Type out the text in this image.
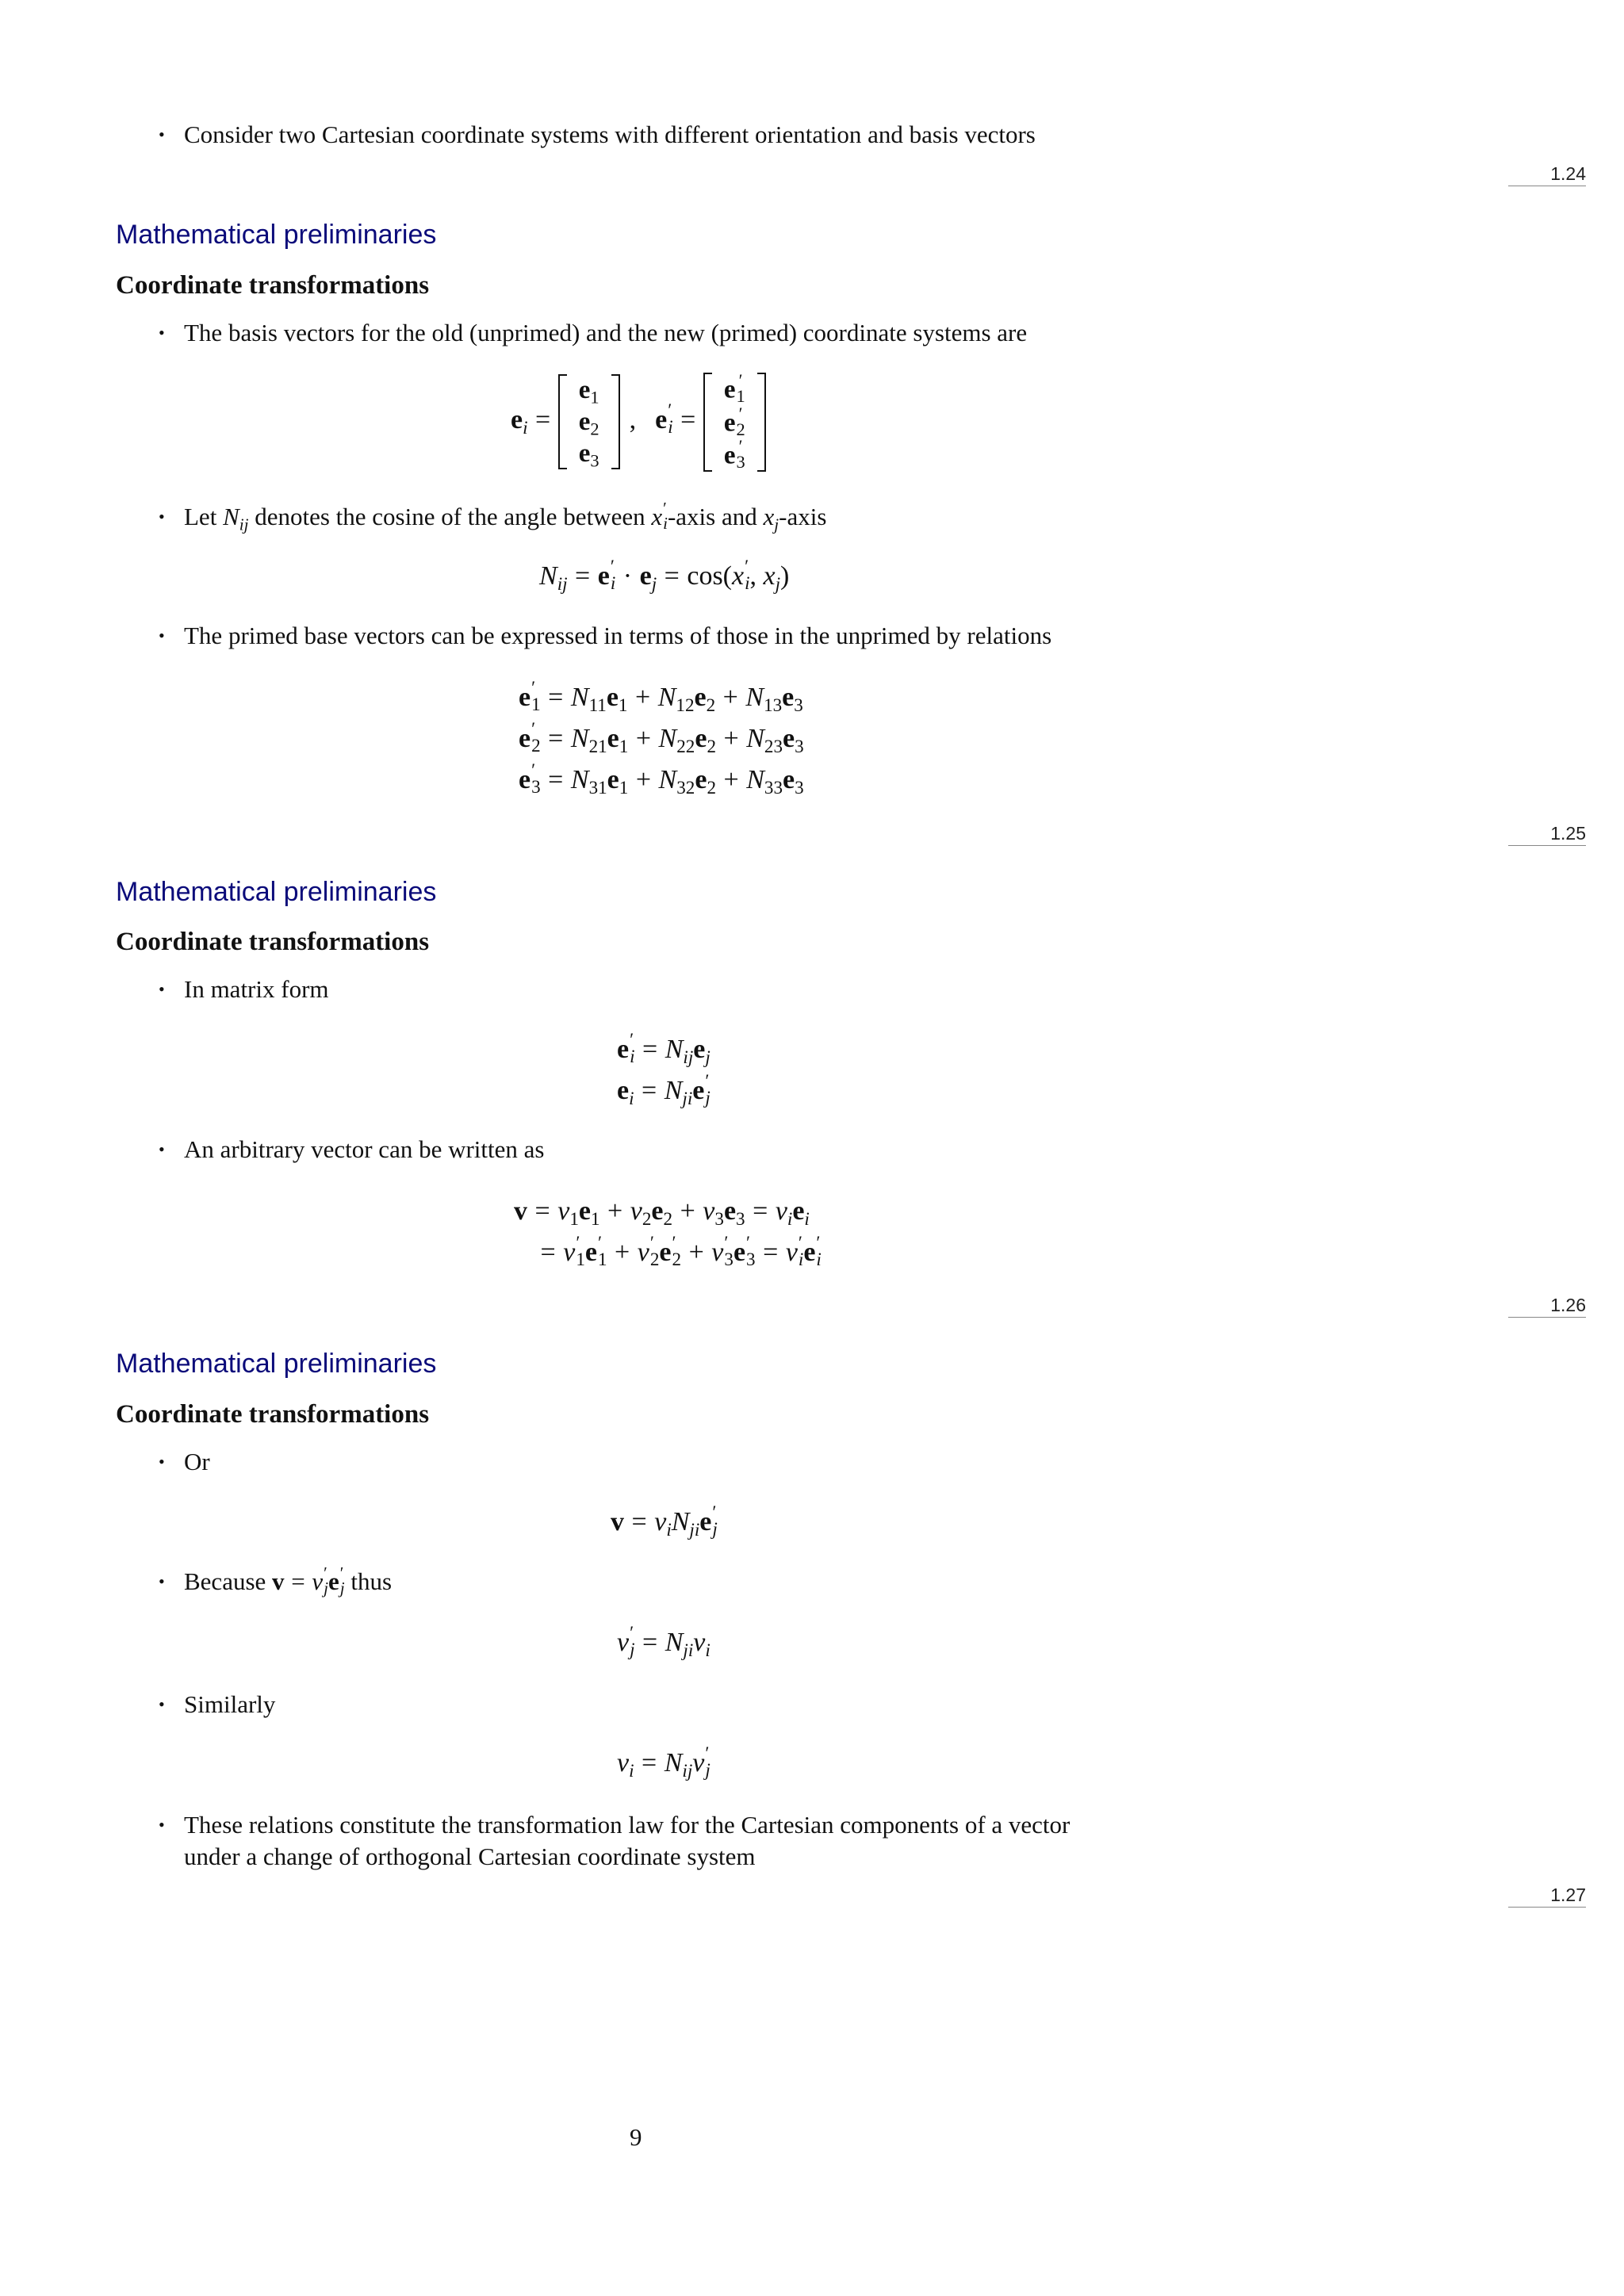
• Consider two Cartesian coordinate systems with different orientation and basis vectors
1.24
Mathematical preliminaries
Coordinate transformations
• The basis vectors for the old (unprimed) and the new (primed) coordinate systems are
$e_i$ =
$e_1$
$e_2$
$e_3$
, e ′
i =
e ′
1
e ′
2
e ′
3
• Let $N_{ij}$ denotes the cosine of the angle between x ′
i -axis and $x_j$-axis
$N_{ij} = e$ ′
$i \cdot e_j = \cos(x$ ′
i , $x_j$)
• The primed base vectors can be expressed in terms of those in the unprimed by relations
e ′
$1 = N_{11}e_1 + N_{12}e_2 + N_{13}e_3$
e ′
$2 = N_{21}e_1 + N_{22}e_2 + N_{23}e_3$
e ′
$3 = N_{31}e_1 + N_{32}e_2 + N_{33}e_3$
1.25
Mathematical preliminaries
Coordinate transformations
• In matrix form
e ′
$i = N_{ij}e_j$
$e_i = N_{ji}e$ ′
j
• An arbitrary vector can be written as
$v = v_1e_1 + v_2e_2 + v_3e_3 = v_ie_i$
= v ′
1 e ′
1 + v ′
2 e ′
2 + v ′
3 e ′
3 = v ′
i e ′
i
1.26
Mathematical preliminaries
Coordinate transformations
• Or
$v = v_iN_{ji}e$ ′
j
• Because v = v ′
j e ′
j thus
v ′
$j = N_{ji}v_i$
• Similarly
$v_i = N_{ij}v$ ′
j
• These relations constitute the transformation law for the Cartesian components of a vector
under a change of orthogonal Cartesian coordinate system
1.27
9
